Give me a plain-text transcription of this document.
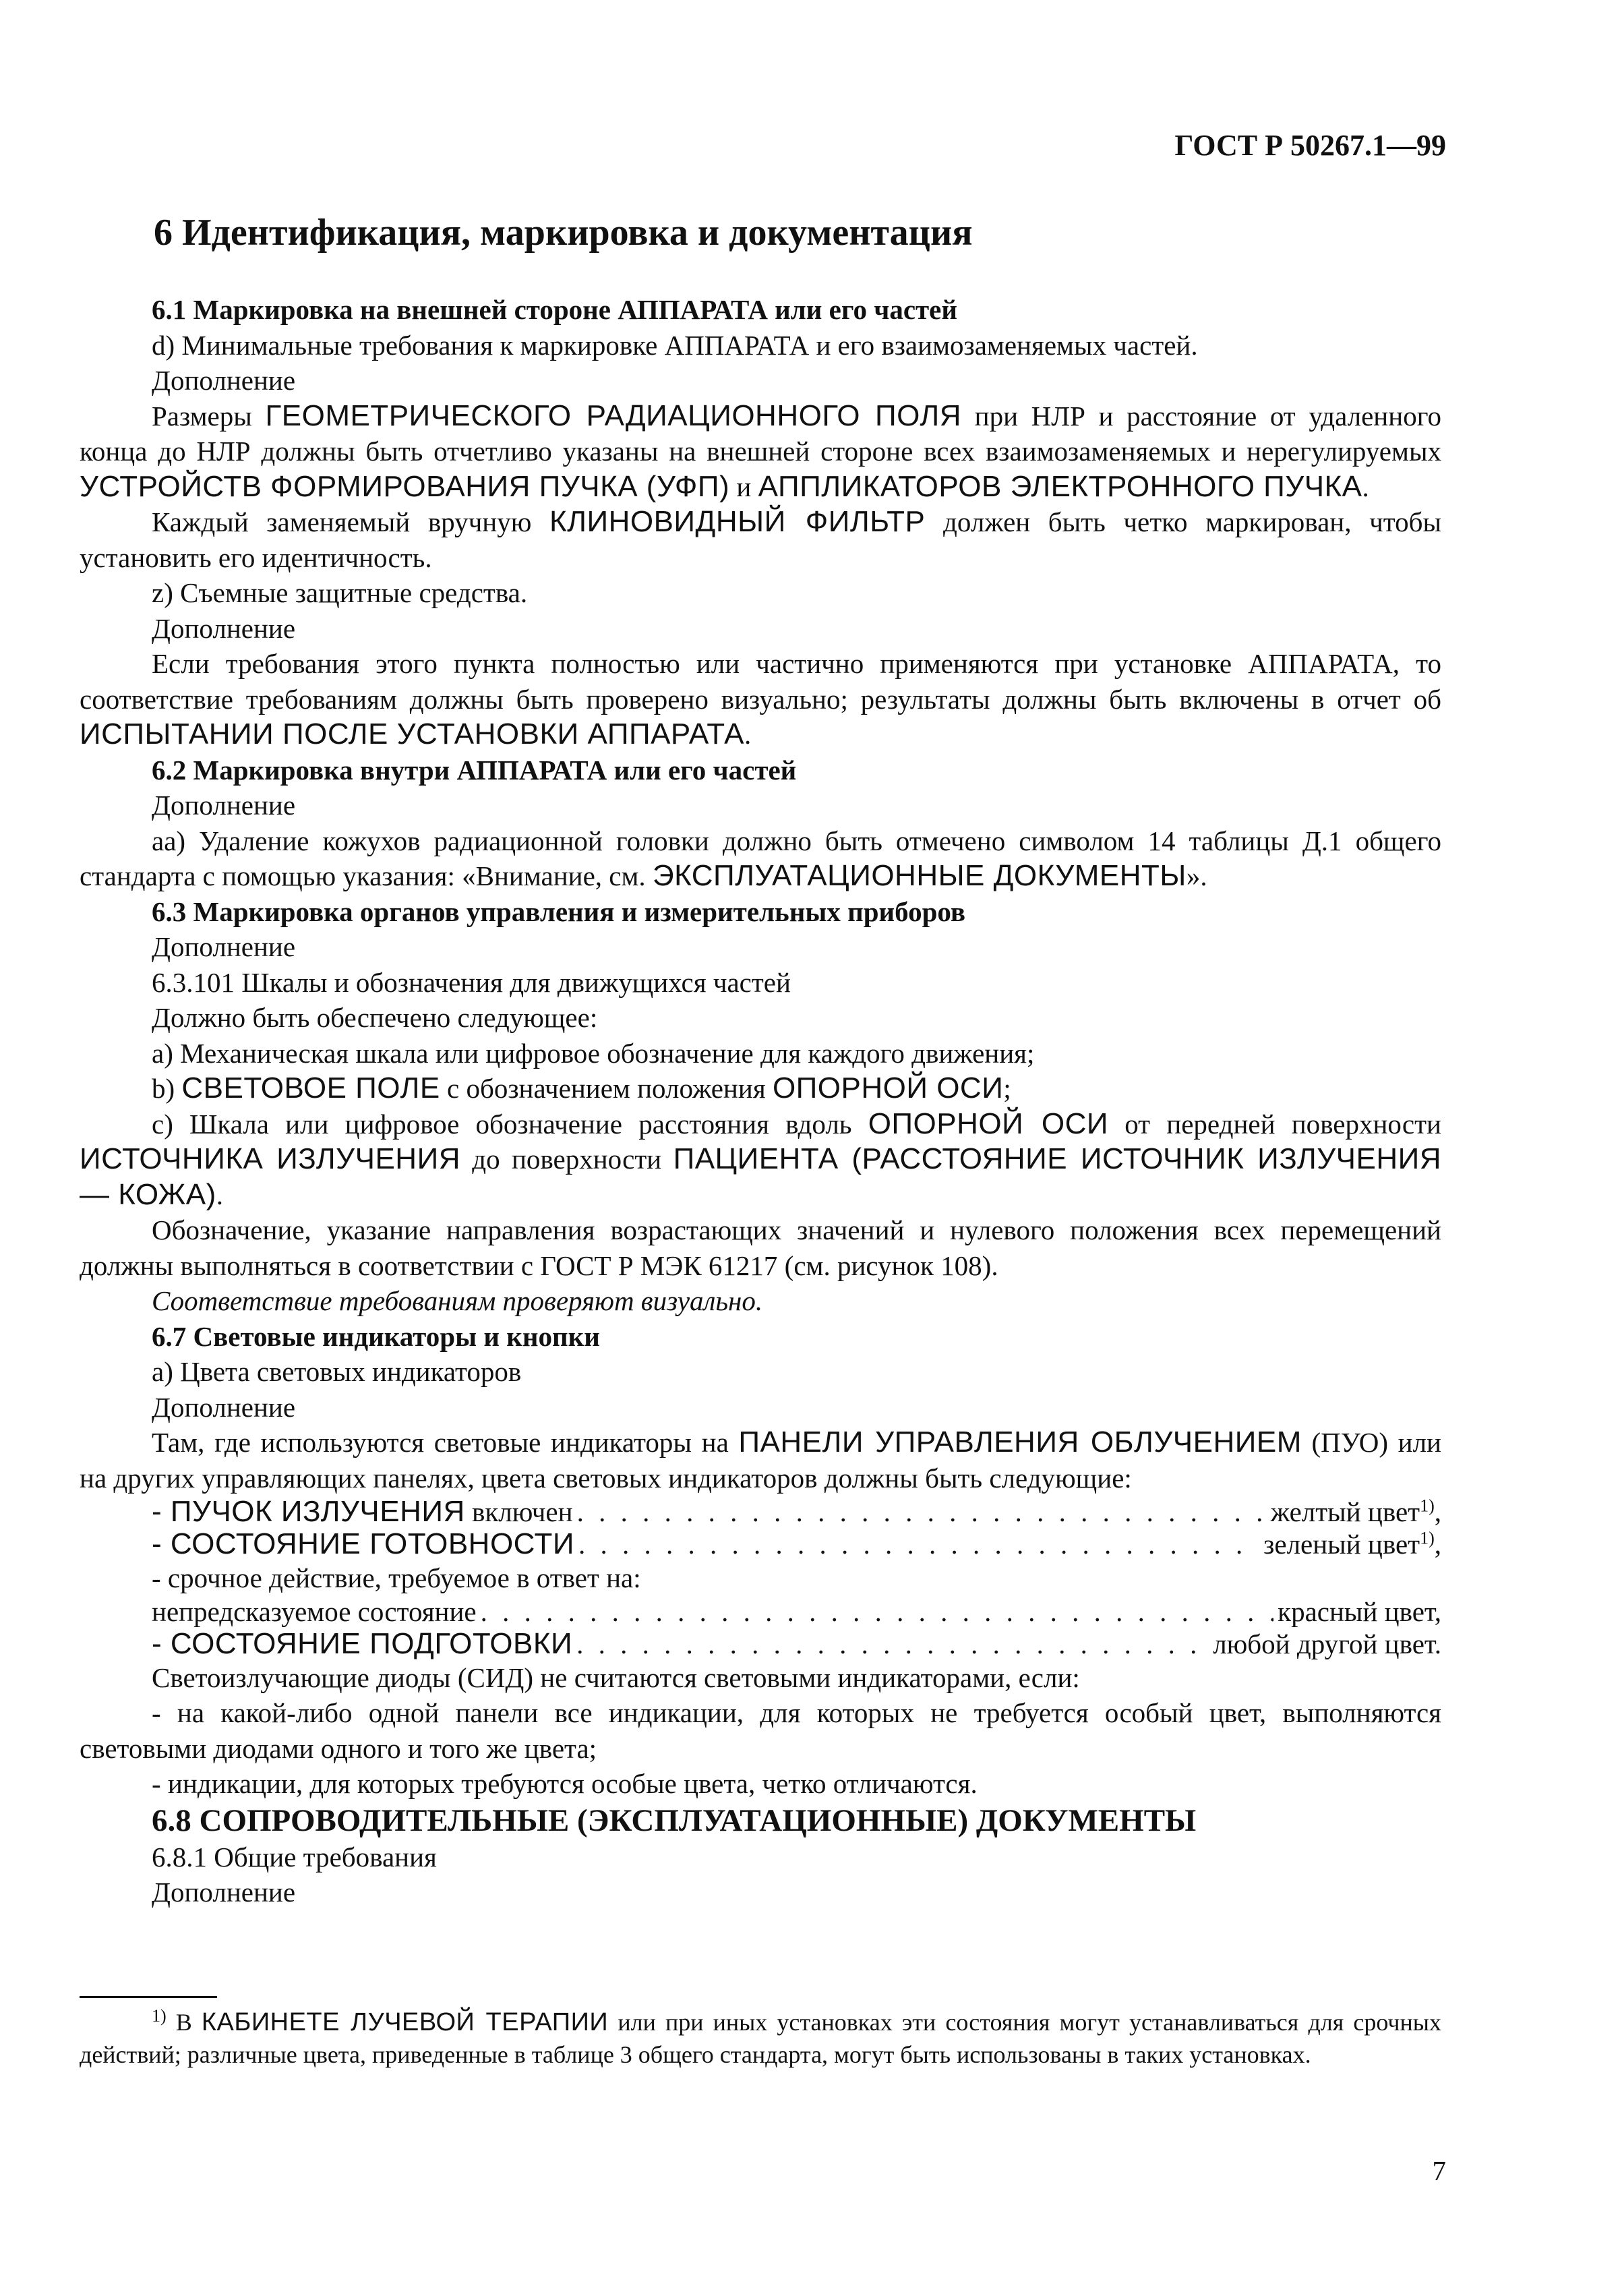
ГОСТ Р 50267.1—99

6 Идентификация, маркировка и документация

6.1 Маркировка на внешней стороне АППАРАТА или его частей

d) Минимальные требования к маркировке АППАРАТА и его взаимозаменяемых частей.

Дополнение

Размеры ГЕОМЕТРИЧЕСКОГО РАДИАЦИОННОГО ПОЛЯ при НЛР и расстояние от удаленного конца до НЛР должны быть отчетливо указаны на внешней стороне всех взаимозаменяемых и нерегулируемых УСТРОЙСТВ ФОРМИРОВАНИЯ ПУЧКА (УФП) и АППЛИКАТОРОВ ЭЛЕКТРОННОГО ПУЧКА.

Каждый заменяемый вручную КЛИНОВИДНЫЙ ФИЛЬТР должен быть четко маркирован, чтобы установить его идентичность.

z) Съемные защитные средства.

Дополнение

Если требования этого пункта полностью или частично применяются при установке АППАРАТА, то соответствие требованиям должны быть проверено визуально; результаты должны быть включены в отчет об ИСПЫТАНИИ ПОСЛЕ УСТАНОВКИ АППАРАТА.

6.2 Маркировка внутри АППАРАТА или его частей

Дополнение

аа) Удаление кожухов радиационной головки должно быть отмечено символом 14 таблицы Д.1 общего стандарта с помощью указания: «Внимание, см. ЭКСПЛУАТАЦИОННЫЕ ДОКУМЕНТЫ».

6.3 Маркировка органов управления и измерительных приборов

Дополнение

6.3.101 Шкалы и обозначения для движущихся частей

Должно быть обеспечено следующее:

а) Механическая шкала или цифровое обозначение для каждого движения;

b) СВЕТОВОЕ ПОЛЕ с обозначением положения ОПОРНОЙ ОСИ;

с) Шкала или цифровое обозначение расстояния вдоль ОПОРНОЙ ОСИ от передней поверхности ИСТОЧНИКА ИЗЛУЧЕНИЯ до поверхности ПАЦИЕНТА (РАССТОЯНИЕ ИСТОЧНИК ИЗЛУЧЕНИЯ — КОЖА).

Обозначение, указание направления возрастающих значений и нулевого положения всех перемещений должны выполняться в соответствии с ГОСТ Р МЭК 61217 (см. рисунок 108).

Соответствие требованиям проверяют визуально.

6.7 Световые индикаторы и кнопки

а) Цвета световых индикаторов

Дополнение

Там, где используются световые индикаторы на ПАНЕЛИ УПРАВЛЕНИЯ ОБЛУЧЕНИЕМ (ПУО) или на других управляющих панелях, цвета световых индикаторов должны быть следующие:

- ПУЧОК ИЗЛУЧЕНИЯ включен . . .	желтый цвет$^{1)}$,
- СОСТОЯНИЕ ГОТОВНОСТИ . . .	зеленый цвет$^{1)}$,

- срочное действие, требуемое в ответ на:

непредсказуемое состояние . . .	красный цвет,
- СОСТОЯНИЕ ПОДГОТОВКИ . . .	любой другой цвет.

Светоизлучающие диоды (СИД) не считаются световыми индикаторами, если:

- на какой-либо одной панели все индикации, для которых не требуется особый цвет, выполняются световыми диодами одного и того же цвета;

- индикации, для которых требуются особые цвета, четко отличаются.

6.8 СОПРОВОДИТЕЛЬНЫЕ (ЭКСПЛУАТАЦИОННЫЕ) ДОКУМЕНТЫ

6.8.1 Общие требования

Дополнение

$^{1)}$ В КАБИНЕТЕ ЛУЧЕВОЙ ТЕРАПИИ или при иных установках эти состояния могут устанавливаться для срочных действий; различные цвета, приведенные в таблице 3 общего стандарта, могут быть использованы в таких установках.

7
